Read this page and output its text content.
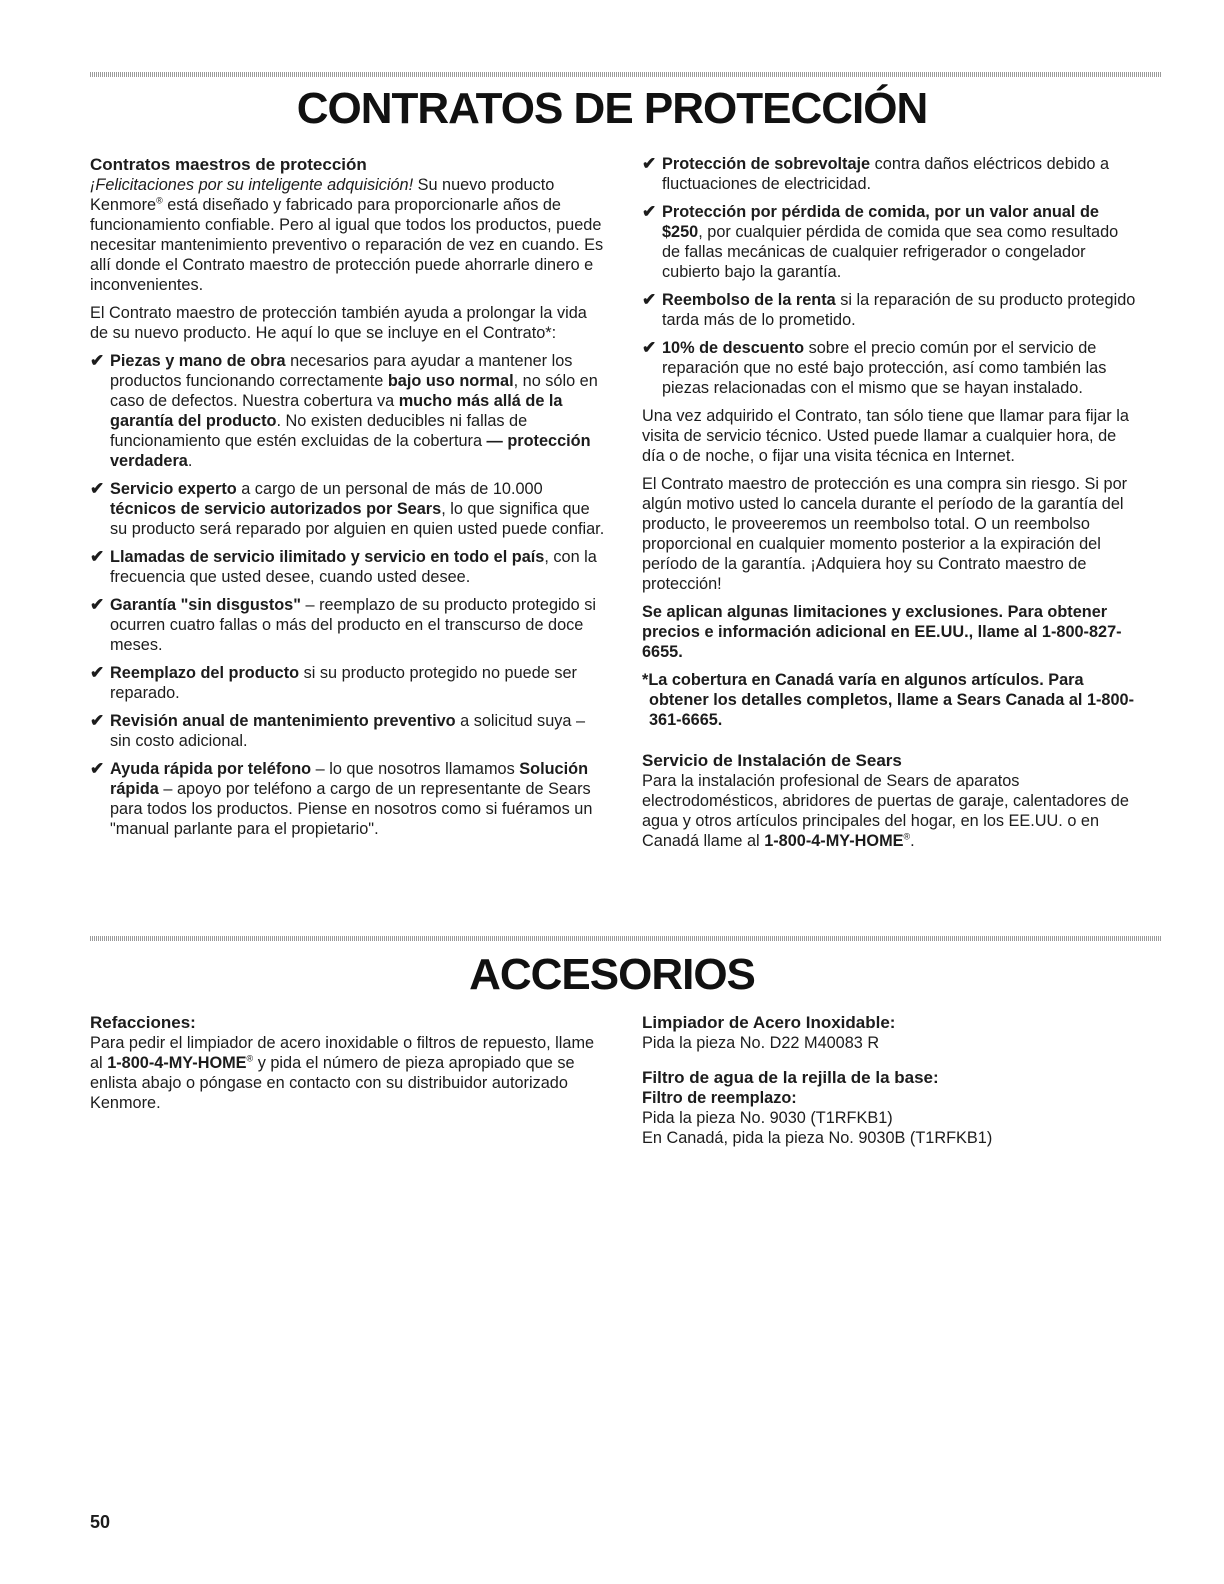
CONTRATOS DE PROTECCIÓN
Contratos maestros de protección

¡Felicitaciones por su inteligente adquisición! Su nuevo producto Kenmore® está diseñado y fabricado para proporcionarle años de funcionamiento confiable. Pero al igual que todos los productos, puede necesitar mantenimiento preventivo o reparación de vez en cuando. Es allí donde el Contrato maestro de protección puede ahorrarle dinero e inconvenientes.

El Contrato maestro de protección también ayuda a prolongar la vida de su nuevo producto. He aquí lo que se incluye en el Contrato*:

✔ Piezas y mano de obra necesarios para ayudar a mantener los productos funcionando correctamente bajo uso normal, no sólo en caso de defectos. Nuestra cobertura va mucho más allá de la garantía del producto. No existen deducibles ni fallas de funcionamiento que estén excluidas de la cobertura — protección verdadera.
✔ Servicio experto a cargo de un personal de más de 10.000 técnicos de servicio autorizados por Sears, lo que significa que su producto será reparado por alguien en quien usted puede confiar.
✔ Llamadas de servicio ilimitado y servicio en todo el país, con la frecuencia que usted desee, cuando usted desee.
✔ Garantía "sin disgustos" – reemplazo de su producto protegido si ocurren cuatro fallas o más del producto en el transcurso de doce meses.
✔ Reemplazo del producto si su producto protegido no puede ser reparado.
✔ Revisión anual de mantenimiento preventivo a solicitud suya – sin costo adicional.
✔ Ayuda rápida por teléfono – lo que nosotros llamamos Solución rápida – apoyo por teléfono a cargo de un representante de Sears para todos los productos. Piense en nosotros como si fuéramos un "manual parlante para el propietario".
✔ Protección de sobrevoltaje contra daños eléctricos debido a fluctuaciones de electricidad.
✔ Protección por pérdida de comida, por un valor anual de $250, por cualquier pérdida de comida que sea como resultado de fallas mecánicas de cualquier refrigerador o congelador cubierto bajo la garantía.
✔ Reembolso de la renta si la reparación de su producto protegido tarda más de lo prometido.
✔ 10% de descuento sobre el precio común por el servicio de reparación que no esté bajo protección, así como también las piezas relacionadas con el mismo que se hayan instalado.

Una vez adquirido el Contrato, tan sólo tiene que llamar para fijar la visita de servicio técnico. Usted puede llamar a cualquier hora, de día o de noche, o fijar una visita técnica en Internet.

El Contrato maestro de protección es una compra sin riesgo. Si por algún motivo usted lo cancela durante el período de la garantía del producto, le proveeremos un reembolso total. O un reembolso proporcional en cualquier momento posterior a la expiración del período de la garantía. ¡Adquiera hoy su Contrato maestro de protección!

Se aplican algunas limitaciones y exclusiones. Para obtener precios e información adicional en EE.UU., llame al 1-800-827-6655.

*La cobertura en Canadá varía en algunos artículos. Para obtener los detalles completos, llame a Sears Canada al 1-800-361-6665.

Servicio de Instalación de Sears

Para la instalación profesional de Sears de aparatos electrodomésticos, abridores de puertas de garaje, calentadores de agua y otros artículos principales del hogar, en los EE.UU. o en Canadá llame al 1-800-4-MY-HOME®.

ACCESORIOS
Refacciones:

Para pedir el limpiador de acero inoxidable o filtros de repuesto, llame al 1-800-4-MY-HOME® y pida el número de pieza apropiado que se enlista abajo o póngase en contacto con su distribuidor autorizado Kenmore.

Limpiador de Acero Inoxidable:

Pida la pieza No. D22 M40083 R

Filtro de agua de la rejilla de la base:
Filtro de reemplazo:
Pida la pieza No. 9030 (T1RFKB1)
En Canadá, pida la pieza No. 9030B (T1RFKB1)

50
